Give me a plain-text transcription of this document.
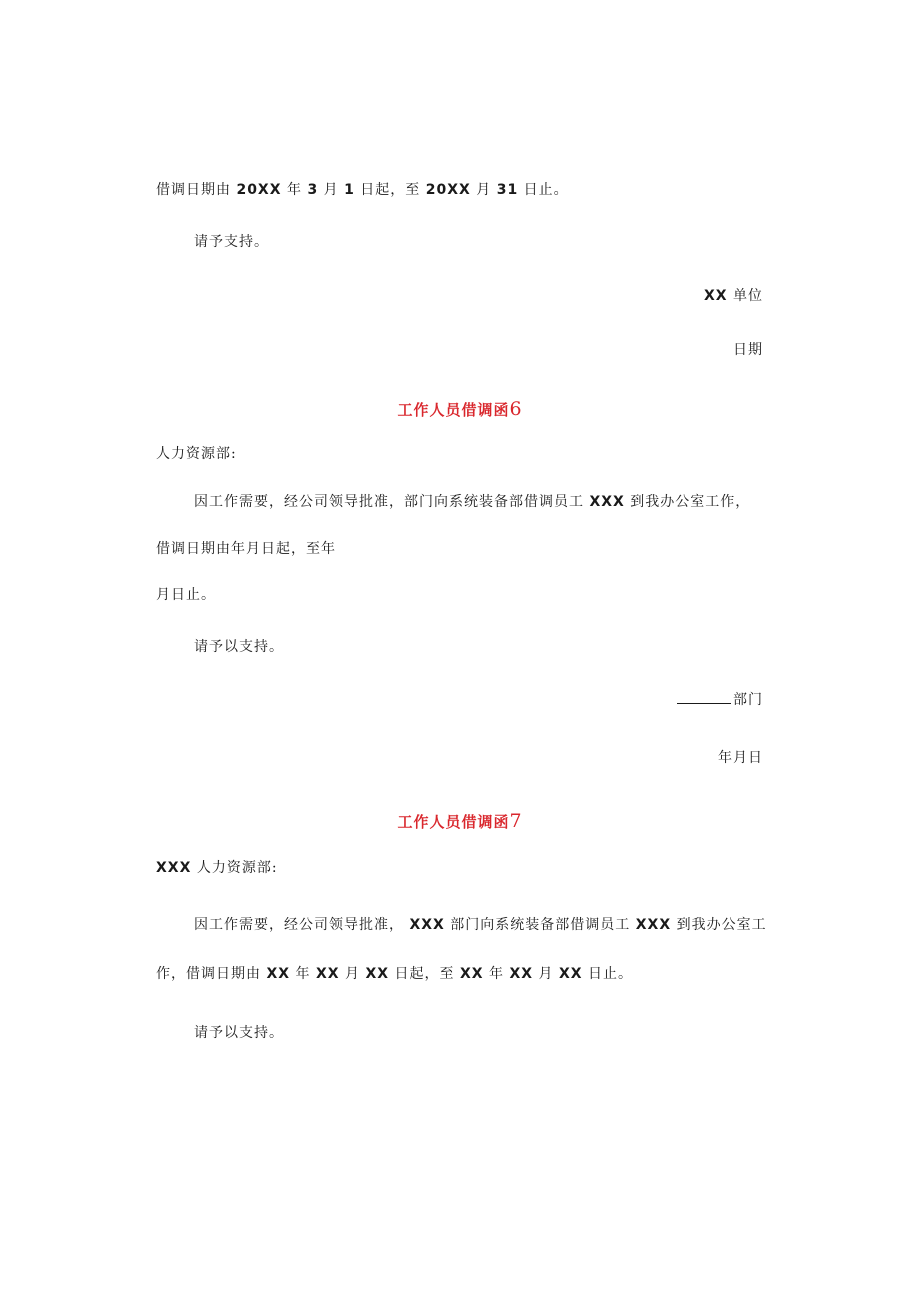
借调日期由 20XX 年 3 月 1 日起，至 20XX 月 31 日止。
请予支持。
XX 单位
日期
工作人员借调函6
人力资源部:
因工作需要，经公司领导批准，部门向系统装备部借调员工 XXX 到我办公室工作，
借调日期由年月日起，至年
月日止。
请予以支持。
部门
年月日
工作人员借调函7
XXX 人力资源部:
因工作需要，经公司领导批准， XXX 部门向系统装备部借调员工 XXX 到我办公室工
作，借调日期由 XX 年 XX 月 XX 日起，至 XX 年 XX 月 XX 日止。
请予以支持。
